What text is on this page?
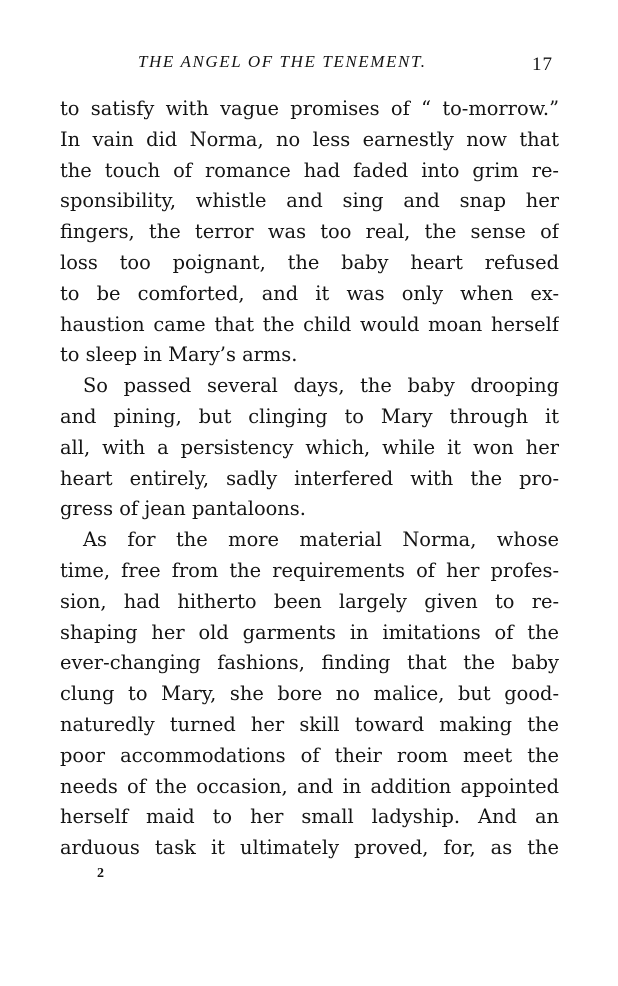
THE ANGEL OF THE TENEMENT.	17
to satisfy with vague promises of “ to-morrow.”
In vain did Norma, no less earnestly now that
the touch of romance had faded into grim re-
sponsibility, whistle and sing and snap her
fingers, the terror was too real, the sense of
loss too poignant, the baby heart refused
to be comforted, and it was only when ex-
haustion came that the child would moan herself
to sleep in Mary’s arms.
So passed several days, the baby drooping
and pining, but clinging to Mary through it
all, with a persistency which, while it won her
heart entirely, sadly interfered with the pro-
gress of jean pantaloons.
As for the more material Norma, whose
time, free from the requirements of her profes-
sion, had hitherto been largely given to re-
shaping her old garments in imitations of the
ever-changing fashions, finding that the baby
clung to Mary, she bore no malice, but good-
naturedly turned her skill toward making the
poor accommodations of their room meet the
needs of the occasion, and in addition appointed
herself maid to her small ladyship. And an
arduous task it ultimately proved, for, as the
2
